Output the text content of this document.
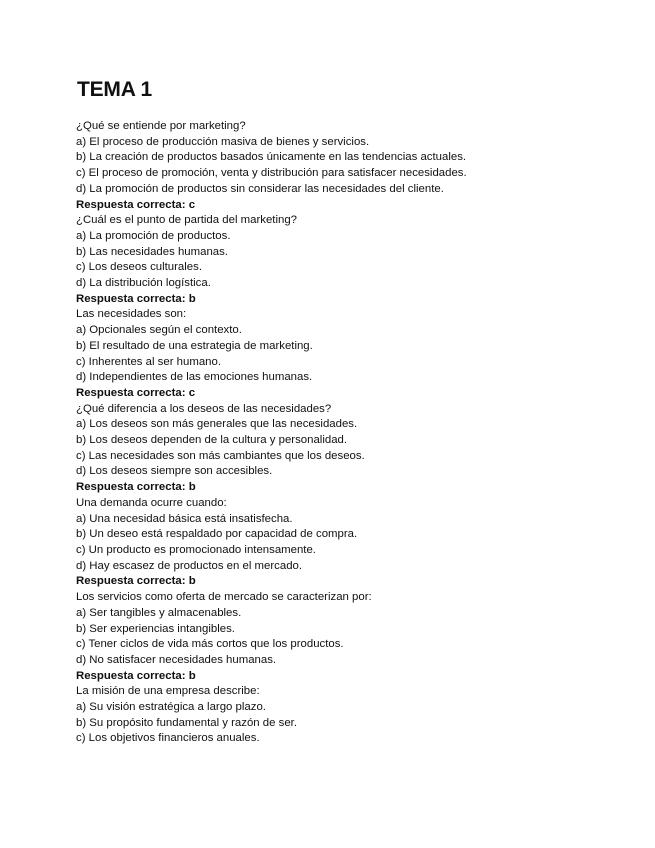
TEMA 1
¿Qué se entiende por marketing?
a) El proceso de producción masiva de bienes y servicios.
b) La creación de productos basados únicamente en las tendencias actuales.
c) El proceso de promoción, venta y distribución para satisfacer necesidades.
d) La promoción de productos sin considerar las necesidades del cliente.
Respuesta correcta: c
¿Cuál es el punto de partida del marketing?
a) La promoción de productos.
b) Las necesidades humanas.
c) Los deseos culturales.
d) La distribución logística.
Respuesta correcta: b
Las necesidades son:
a) Opcionales según el contexto.
b) El resultado de una estrategia de marketing.
c) Inherentes al ser humano.
d) Independientes de las emociones humanas.
Respuesta correcta: c
¿Qué diferencia a los deseos de las necesidades?
a) Los deseos son más generales que las necesidades.
b) Los deseos dependen de la cultura y personalidad.
c) Las necesidades son más cambiantes que los deseos.
d) Los deseos siempre son accesibles.
Respuesta correcta: b
Una demanda ocurre cuando:
a) Una necesidad básica está insatisfecha.
b) Un deseo está respaldado por capacidad de compra.
c) Un producto es promocionado intensamente.
d) Hay escasez de productos en el mercado.
Respuesta correcta: b
Los servicios como oferta de mercado se caracterizan por:
a) Ser tangibles y almacenables.
b) Ser experiencias intangibles.
c) Tener ciclos de vida más cortos que los productos.
d) No satisfacer necesidades humanas.
Respuesta correcta: b
La misión de una empresa describe:
a) Su visión estratégica a largo plazo.
b) Su propósito fundamental y razón de ser.
c) Los objetivos financieros anuales.
